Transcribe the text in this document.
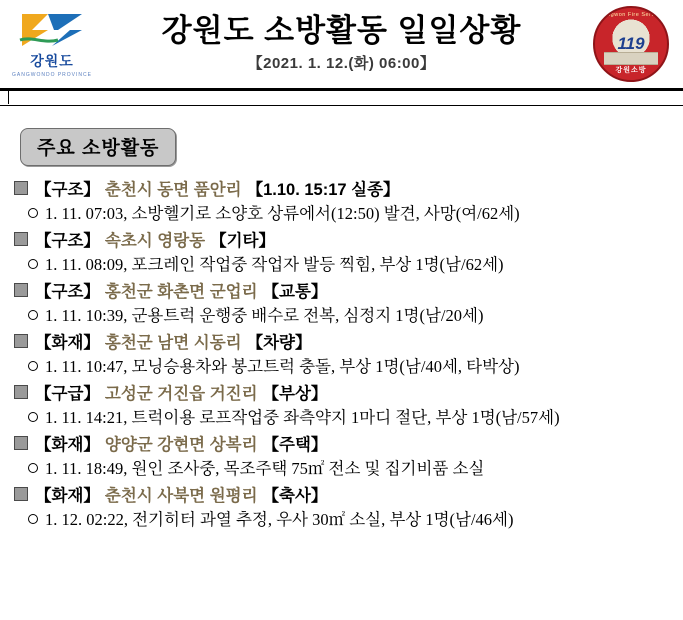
강원도
GANGWONDO PROVINCE
강원도 소방활동 일일상황
【2021. 1. 12.(화) 06:00】
Gangwon Fire Service
119
강원소방
주요 소방활동
【구조】 춘천시 동면 품안리 【1.10. 15:17 실종】
1. 11. 07:03, 소방헬기로 소양호 상류에서(12:50) 발견, 사망(여/62세)
【구조】 속초시 영랑동 【기타】
1. 11. 08:09, 포크레인 작업중 작업자 발등 찍힘, 부상 1명(남/62세)
【구조】 홍천군 화촌면 군업리 【교통】
1. 11. 10:39, 군용트럭 운행중 배수로 전복, 심정지 1명(남/20세)
【화재】 홍천군 남면 시동리 【차량】
1. 11. 10:47, 모닝승용차와 봉고트럭 충돌, 부상 1명(남/40세, 타박상)
【구급】 고성군 거진읍 거진리 【부상】
1. 11. 14:21, 트럭이용 로프작업중 좌측약지 1마디 절단, 부상 1명(남/57세)
【화재】 양양군 강현면 상복리 【주택】
1. 11. 18:49, 원인 조사중, 목조주택 75㎡ 전소 및 집기비품 소실
【화재】 춘천시 사북면 원평리 【축사】
1. 12. 02:22, 전기히터 과열 추정, 우사 30㎡ 소실, 부상 1명(남/46세)
